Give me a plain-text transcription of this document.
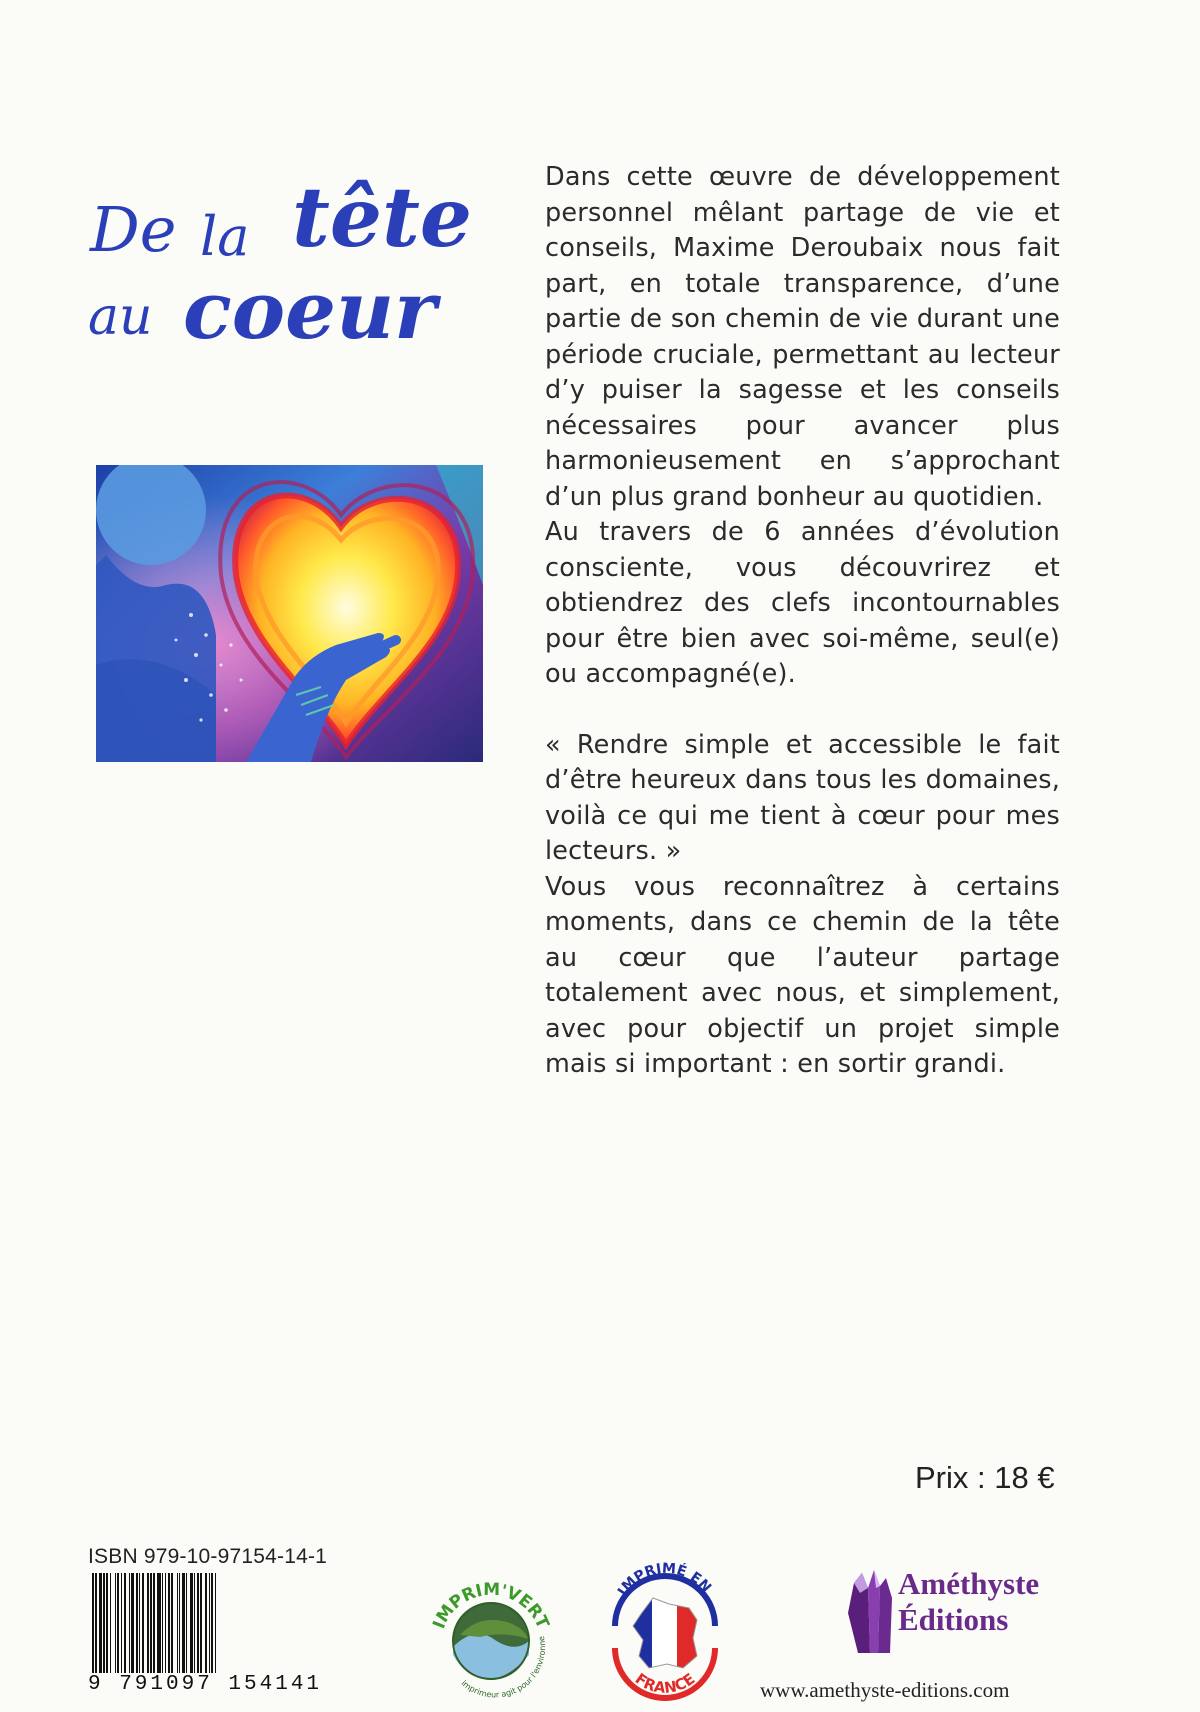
De la tête
au coeur

Dans cette œuvre de développement personnel mêlant partage de vie et conseils, Maxime Deroubaix nous fait part, en totale transparence, d’une partie de son chemin de vie durant une période cruciale, permettant au lecteur d’y puiser la sagesse et les conseils nécessaires pour avancer plus harmonieusement en s’approchant d’un plus grand bonheur au quotidien.

Au travers de 6 années d’évolution consciente, vous découvrirez et obtiendrez des clefs incontournables pour être bien avec soi-même, seul(e) ou accompagné(e).

« Rendre simple et accessible le fait d’être heureux dans tous les domaines, voilà ce qui me tient à cœur pour mes lecteurs. »

Vous vous reconnaîtrez à certains moments, dans ce chemin de la tête au cœur que l’auteur partage totalement avec nous, et simplement, avec pour objectif un projet simple mais si important : en sortir grandi.

Prix : 18 €
ISBN 979-10-97154-14-1
9 791097 154141
IMPRIM'VERT
imprimeur agit pour l'environne
IMPRIMÉ EN
FRANCE
Améthyste
Éditions
www.amethyste-editions.com
